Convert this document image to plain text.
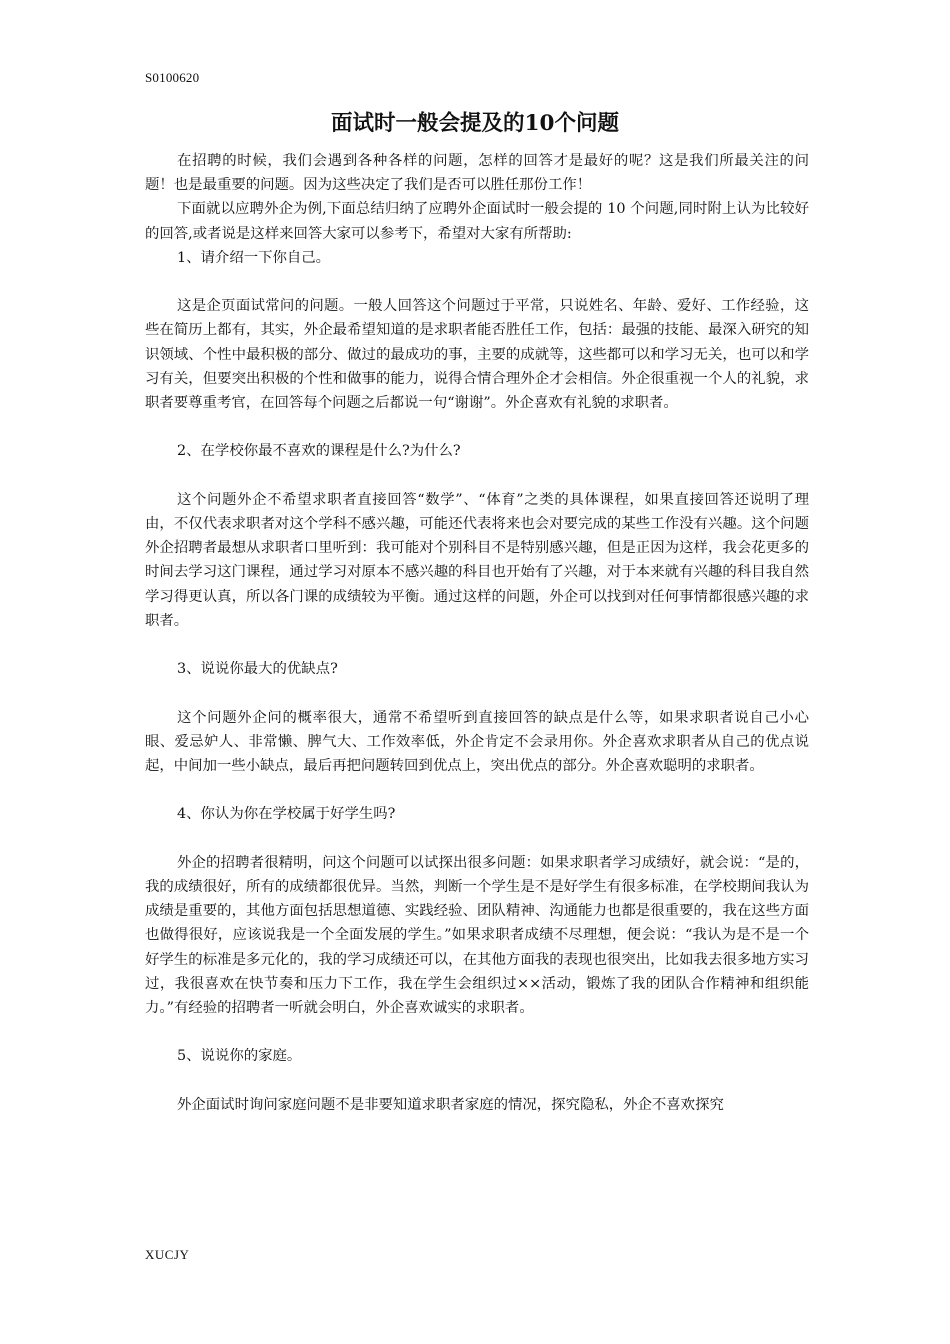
S0100620
面试时一般会提及的10个问题

在招聘的时候，我们会遇到各种各样的问题，怎样的回答才是最好的呢？这是我们所最关注的问题！也是最重要的问题。因为这些决定了我们是否可以胜任那份工作！

下面就以应聘外企为例,下面总结归纳了应聘外企面试时一般会提的 10 个问题,同时附上认为比较好的回答,或者说是这样来回答大家可以参考下，希望对大家有所帮助:

1、请介绍一下你自己。

这是企页面试常问的问题。一般人回答这个问题过于平常，只说姓名、年龄、爱好、工作经验，这些在简历上都有，其实，外企最希望知道的是求职者能否胜任工作，包括：最强的技能、最深入研究的知识领域、个性中最积极的部分、做过的最成功的事，主要的成就等，这些都可以和学习无关，也可以和学习有关，但要突出积极的个性和做事的能力，说得合情合理外企才会相信。外企很重视一个人的礼貌，求职者要尊重考官，在回答每个问题之后都说一句“谢谢”。外企喜欢有礼貌的求职者。

2、在学校你最不喜欢的课程是什么?为什么?

这个问题外企不希望求职者直接回答“数学”、“体育”之类的具体课程，如果直接回答还说明了理由，不仅代表求职者对这个学科不感兴趣，可能还代表将来也会对要完成的某些工作没有兴趣。这个问题外企招聘者最想从求职者口里听到：我可能对个别科目不是特别感兴趣，但是正因为这样，我会花更多的时间去学习这门课程，通过学习对原本不感兴趣的科目也开始有了兴趣，对于本来就有兴趣的科目我自然学习得更认真，所以各门课的成绩较为平衡。通过这样的问题，外企可以找到对任何事情都很感兴趣的求职者。

3、说说你最大的优缺点?

这个问题外企问的概率很大，通常不希望听到直接回答的缺点是什么等，如果求职者说自己小心眼、爱忌妒人、非常懒、脾气大、工作效率低，外企肯定不会录用你。外企喜欢求职者从自己的优点说起，中间加一些小缺点，最后再把问题转回到优点上，突出优点的部分。外企喜欢聪明的求职者。

4、你认为你在学校属于好学生吗?

外企的招聘者很精明，问这个问题可以试探出很多问题：如果求职者学习成绩好，就会说：“是的，我的成绩很好，所有的成绩都很优异。当然，判断一个学生是不是好学生有很多标准，在学校期间我认为成绩是重要的，其他方面包括思想道德、实践经验、团队精神、沟通能力也都是很重要的，我在这些方面也做得很好，应该说我是一个全面发展的学生。”如果求职者成绩不尽理想，便会说：“我认为是不是一个好学生的标准是多元化的，我的学习成绩还可以，在其他方面我的表现也很突出，比如我去很多地方实习过，我很喜欢在快节奏和压力下工作，我在学生会组织过××活动，锻炼了我的团队合作精神和组织能力。”有经验的招聘者一听就会明白，外企喜欢诚实的求职者。

5、说说你的家庭。

外企面试时询问家庭问题不是非要知道求职者家庭的情况，探究隐私，外企不喜欢探究

XUCJY
